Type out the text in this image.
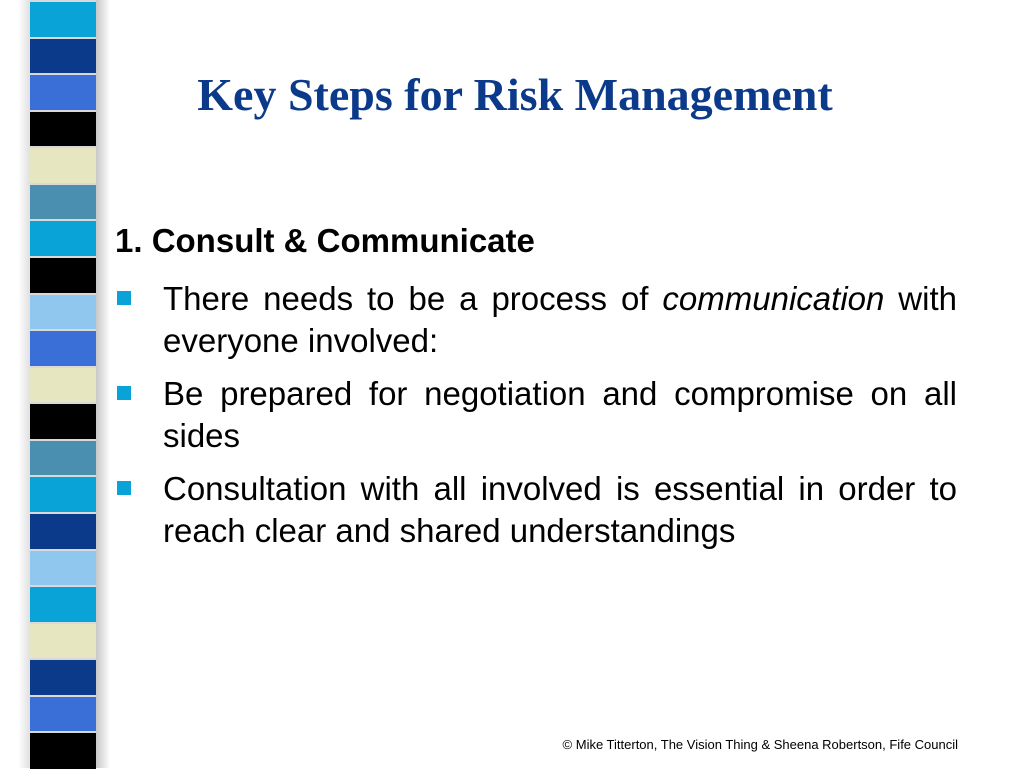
Key Steps for Risk Management
1. Consult & Communicate
There needs to be a process of communication with everyone involved:
Be prepared for negotiation and compromise on all sides
Consultation with all involved is essential in order to reach clear and shared understandings

© Mike Titterton, The Vision Thing & Sheena Robertson, Fife Council
